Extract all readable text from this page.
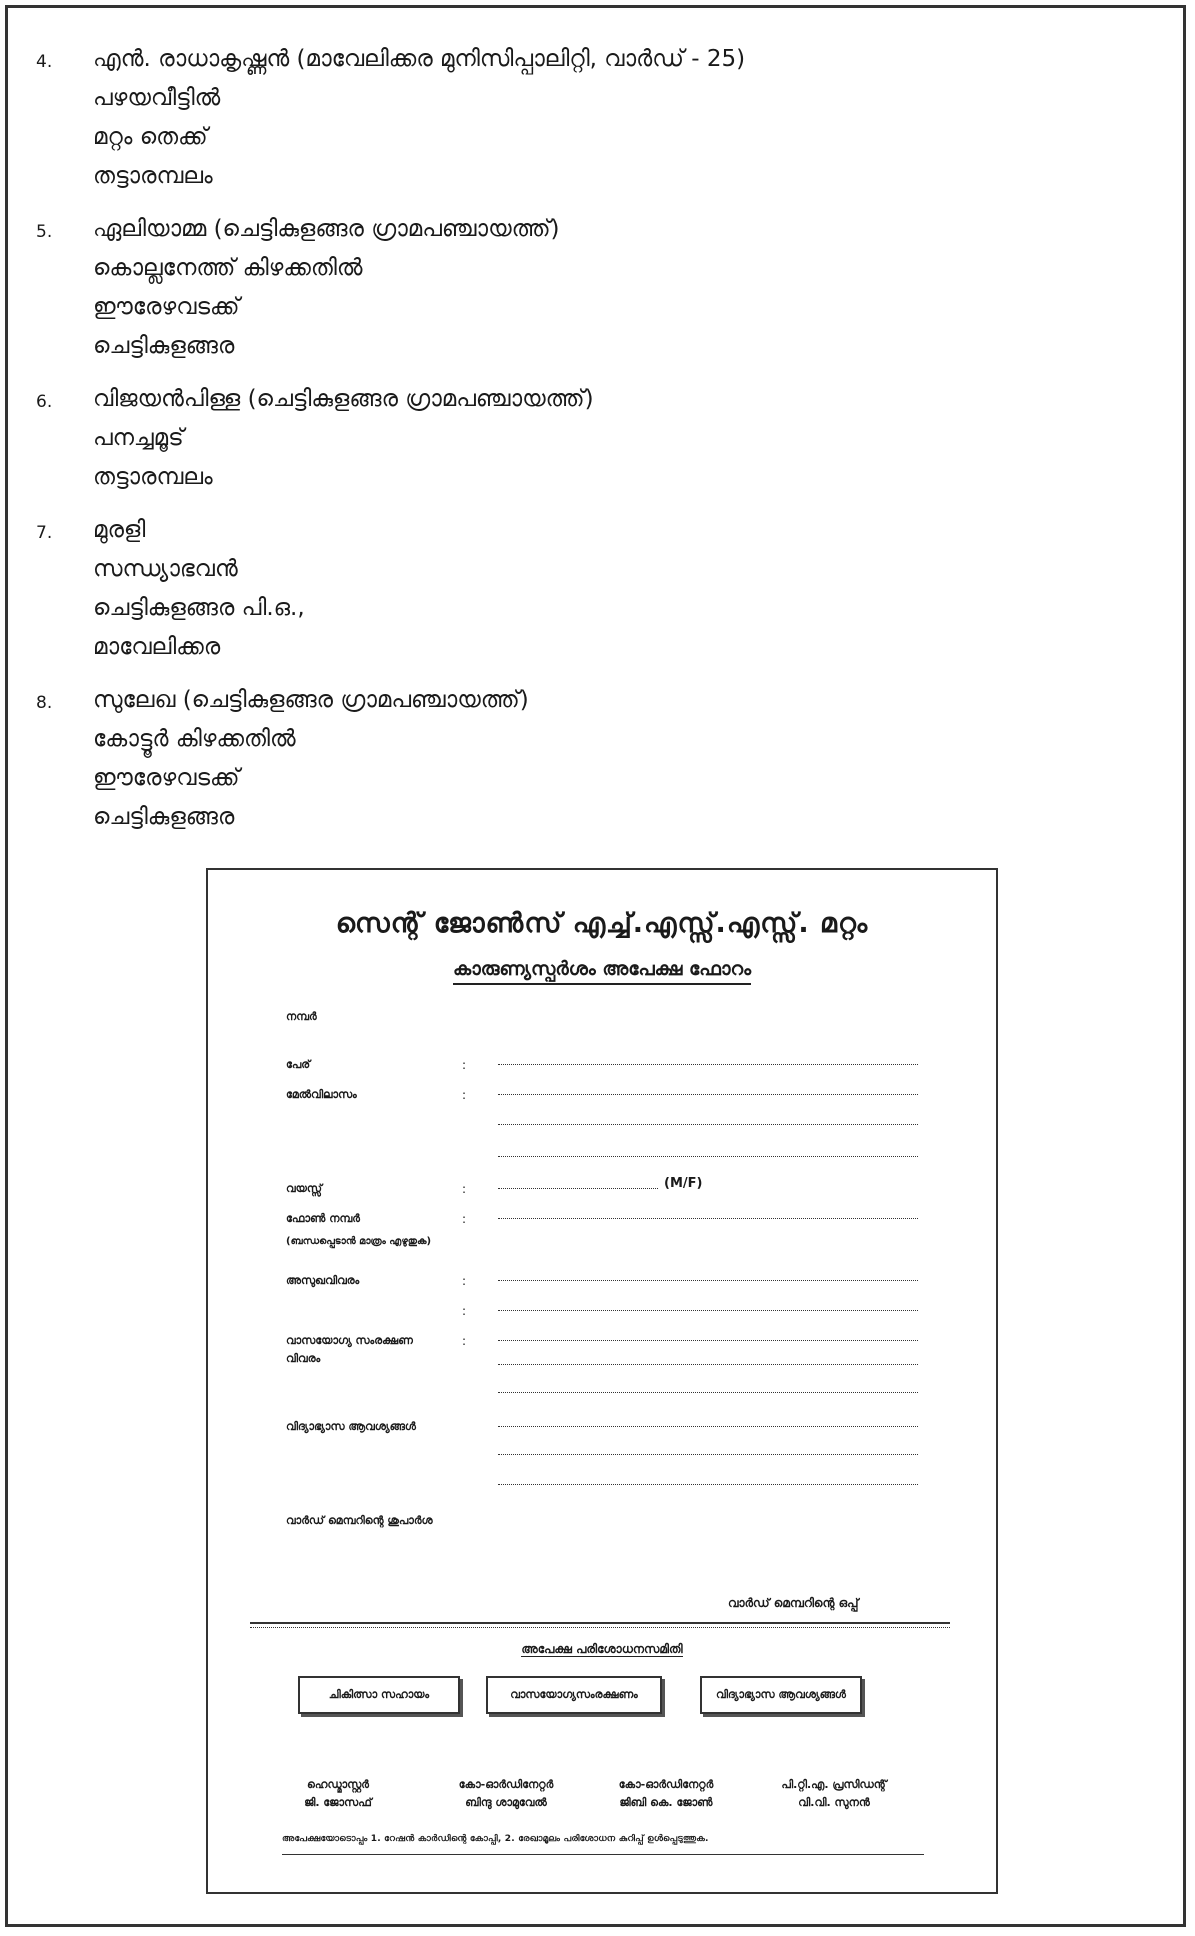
4.	എൻ. രാധാകൃഷ്ണൻ (മാവേലിക്കര മുനിസിപ്പാലിറ്റി, വാർഡ് - 25)
പഴയവീട്ടിൽ
മറ്റം തെക്ക്
തട്ടാരമ്പലം
5.	ഏലിയാമ്മ (ചെട്ടികുളങ്ങര ഗ്രാമപഞ്ചായത്ത്)
കൊല്ലനേത്ത് കിഴക്കതിൽ
ഈരേഴവടക്ക്
ചെട്ടികുളങ്ങര
6.	വിജയൻപിള്ള (ചെട്ടികുളങ്ങര ഗ്രാമപഞ്ചായത്ത്)
പനച്ചമൂട്
തട്ടാരമ്പലം
7.	മുരളി
സന്ധ്യാഭവൻ
ചെട്ടികുളങ്ങര പി.ഒ.,
മാവേലിക്കര
8.	സുലേഖ (ചെട്ടികുളങ്ങര ഗ്രാമപഞ്ചായത്ത്)
കോട്ടൂർ കിഴക്കതിൽ
ഈരേഴവടക്ക്
ചെട്ടികുളങ്ങര
സെന്റ് ജോൺസ് എച്ച്.എസ്സ്.എസ്സ്. മറ്റം
കാരുണ്യസ്പർശം അപേക്ഷ ഫോറം
നമ്പർ
പേര്	:
മേൽവിലാസം	:
വയസ്സ്	:	(M/F)
ഫോൺ നമ്പർ	:
(ബന്ധപ്പെടാൻ മാത്രം എഴുതുക)
അസുഖവിവരം	:
:
വാസയോഗ്യ സംരക്ഷണ
വിവരം
:
വിദ്യാഭ്യാസ ആവശ്യങ്ങൾ
വാർഡ് മെമ്പറിന്റെ ശുപാർശ
വാർഡ് മെമ്പറിന്റെ ഒപ്പ്
അപേക്ഷ പരിശോധനസമിതി
ചികിത്സാ സഹായം	വാസയോഗ്യസംരക്ഷണം	വിദ്യാഭ്യാസ ആവശ്യങ്ങൾ
ഹെഡ്മാസ്റ്റർ
ജി. ജോസഫ്
കോ-ഓർഡിനേറ്റർ
ബിന്ദു ശാമുവേൽ
കോ-ഓർഡിനേറ്റർ
ജിബി കെ. ജോൺ
പി.റ്റി.എ. പ്രസിഡന്റ്
വി.വി. സുനൻ
അപേക്ഷയോടൊപ്പം 1. റേഷൻ കാർഡിന്റെ കോപ്പി, 2. രേഖാമൂലം പരിശോധന കുറിപ്പ് ഉൾപ്പെടുത്തുക.
